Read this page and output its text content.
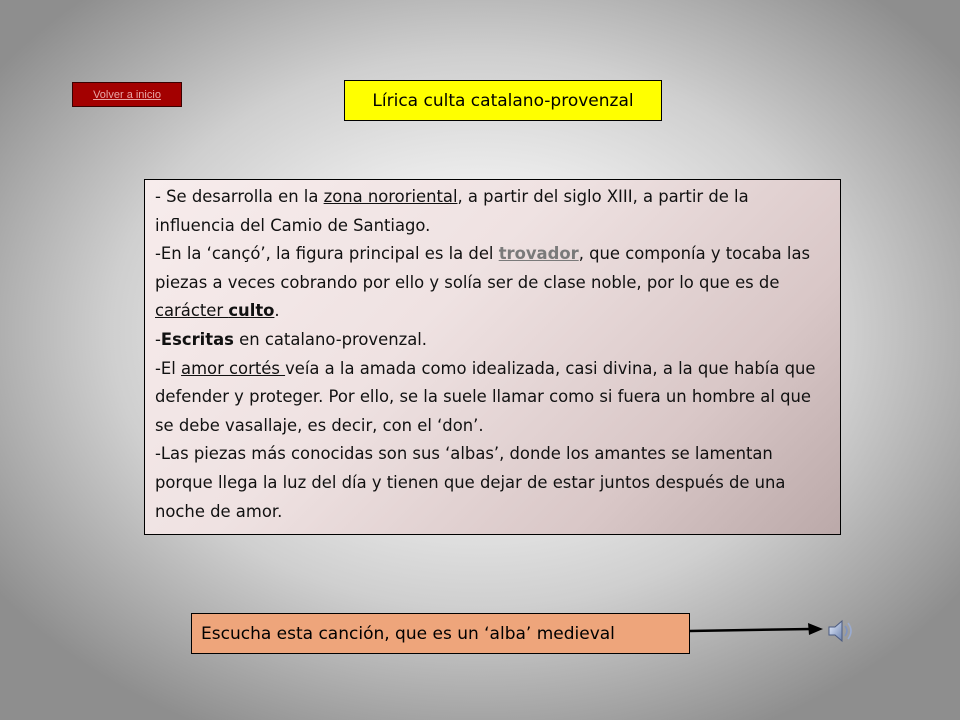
Volver a inicio	Lírica culta catalano-provenzal

- Se desarrolla en la zona nororiental, a partir del siglo XIII, a partir de la influencia del Camio de Santiago.

-En la ‘cançó’, la figura principal es la del trovador, que componía y tocaba las piezas a veces cobrando por ello y solía ser de clase noble, por lo que es de carácter culto.

-Escritas en catalano-provenzal.

-El amor cortés veía a la amada como idealizada, casi divina, a la que había que defender y proteger. Por ello, se la suele llamar como si fuera un hombre al que se debe vasallaje, es decir, con el ‘don’.

-Las piezas más conocidas son sus ‘albas’, donde los amantes se lamentan porque llega la luz del día y tienen que dejar de estar juntos después de una noche de amor.

Escucha esta canción, que es un ‘alba’ medieval
